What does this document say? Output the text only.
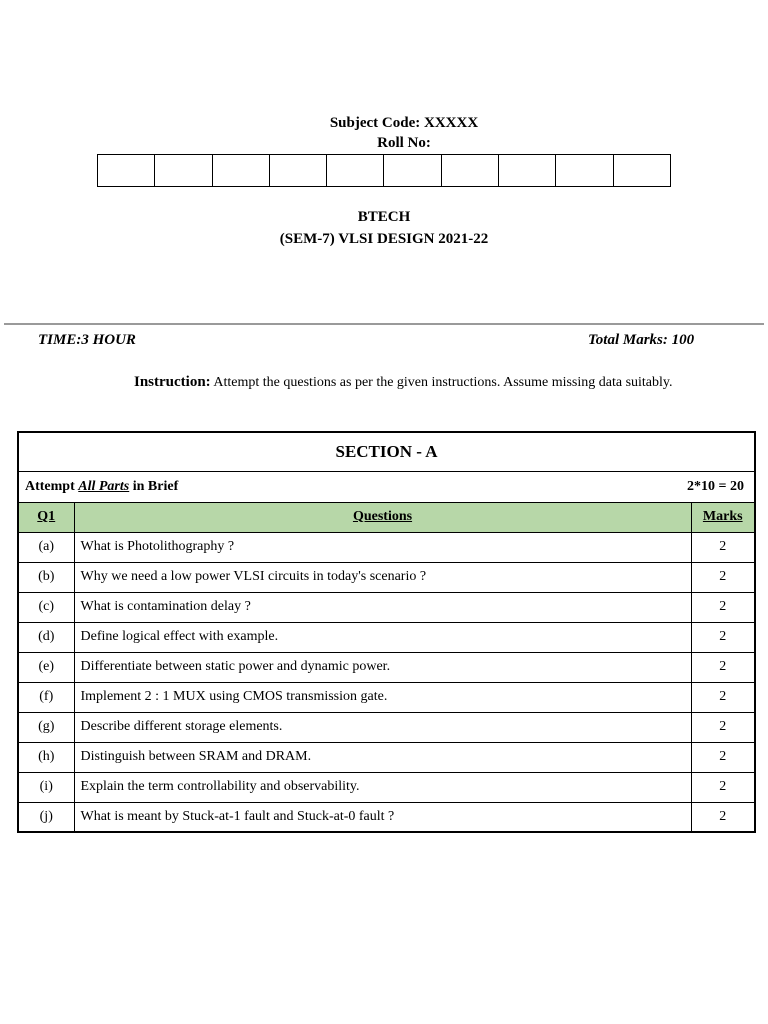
Subject Code: XXXXX
Roll No:
BTECH
(SEM-7) VLSI DESIGN 2021-22
TIME:3 HOUR	Total Marks: 100
Instruction: Attempt the questions as per the given instructions. Assume missing data suitably.
SECTION - A		

Attempt All Parts in Brief 2*10 = 20		

Q1	Questions	Marks
(a)	What is Photolithography ?	2
(b)	Why we need a low power VLSI circuits in today's scenario ?	2
(c)	What is contamination delay ?	2
(d)	Define logical effect with example.	2
(e)	Differentiate between static power and dynamic power.	2
(f)	Implement 2 : 1 MUX using CMOS transmission gate.	2
(g)	Describe different storage elements.	2
(h)	Distinguish between SRAM and DRAM.	2
(i)	Explain the term controllability and observability.	2
(j)	What is meant by Stuck-at-1 fault and Stuck-at-0 fault ?	2
